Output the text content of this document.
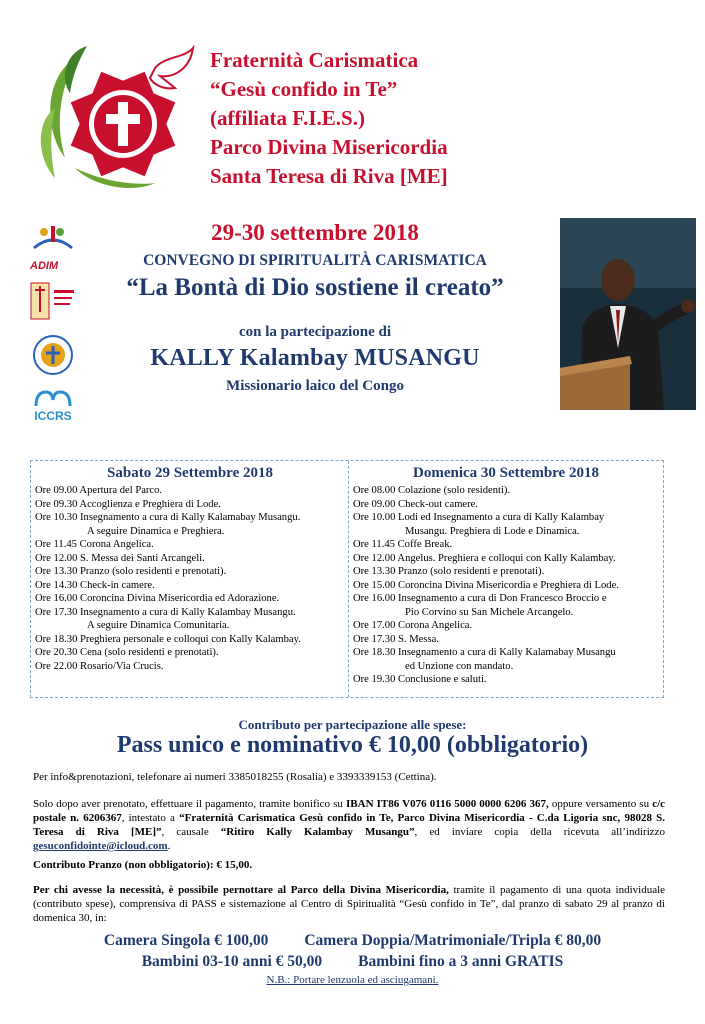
Fraternità Carismatica
“Gesù confido in Te”
(affiliata F.I.E.S.)
Parco Divina Misericordia
Santa Teresa di Riva [ME]
ADIM
ICCRS
29-30 settembre 2018
CONVEGNO DI SPIRITUALITÀ CARISMATICA
“La Bontà di Dio sostiene il creato”
con la partecipazione di
KALLY Kalambay MUSANGU
Missionario laico del Congo
Sabato 29 Settembre 2018
Ore 09.00 Apertura del Parco.
Ore 09.30 Accoglienza e Preghiera di Lode.
Ore 10.30 Insegnamento a cura di Kally Kalamabay Musangu.
A seguire Dinamica e Preghiera.
Ore 11.45 Corona Angelica.
Ore 12.00 S. Messa dei Santi Arcangeli.
Ore 13.30 Pranzo (solo residenti e prenotati).
Ore 14.30 Check-in camere.
Ore 16.00 Coroncina Divina Misericordia ed Adorazione.
Ore 17.30 Insegnamento a cura di Kally Kalambay Musangu.
A seguire Dinamica Comunitaria.
Ore 18.30 Preghiera personale e colloqui con Kally Kalambay.
Ore 20.30 Cena (solo residenti e prenotati).
Ore 22.00 Rosario/Via Crucis.
Domenica 30 Settembre 2018
Ore 08.00 Colazione (solo residenti).
Ore 09.00 Check-out camere.
Ore 10.00 Lodi ed Insegnamento a cura di Kally Kalambay
Musangu. Preghiera di Lode e Dinamica.
Ore 11.45 Coffe Break.
Ore 12.00 Angelus. Preghiera e colloqui con Kally Kalambay.
Ore 13.30 Pranzo (solo residenti e prenotati).
Ore 15.00 Coroncina Divina Misericordia e Preghiera di Lode.
Ore 16.00 Insegnamento a cura di Don Francesco Broccio e
Pio Corvino su San Michele Arcangelo.
Ore 17.00 Corona Angelica.
Ore 17.30 S. Messa.
Ore 18.30 Insegnamento a cura di Kally Kalamabay Musangu
ed Unzione con mandato.
Ore 19.30 Conclusione e saluti.
Contributo per partecipazione alle spese:
Pass unico e nominativo € 10,00 (obbligatorio)
Per info&prenotazioni, telefonare ai numeri 3385018255 (Rosalia) e 3393339153 (Cettina).
Solo dopo aver prenotato, effettuare il pagamento, tramite bonifico su IBAN IT86 V076 0116 5000 0000 6206 367, oppure versamento su c/c postale n. 6206367, intestato a “Fraternità Carismatica Gesù confido in Te, Parco Divina Misericordia - C.da Ligoria snc, 98028 S. Teresa di Riva [ME]”, causale “Ritiro Kally Kalambay Musangu”, ed inviare copia della ricevuta all’indirizzo gesuconfidointe@icloud.com.
Contributo Pranzo (non obbligatorio): € 15,00.
Per chi avesse la necessità, è possibile pernottare al Parco della Divina Misericordia, tramite il pagamento di una quota individuale (contributo spese), comprensiva di PASS e sistemazione al Centro di Spiritualità “Gesù confido in Te”, dal pranzo di sabato 29 al pranzo di domenica 30, in:
Camera Singola € 100,00 Camera Doppia/Matrimoniale/Tripla € 80,00
Bambini 03-10 anni € 50,00 Bambini fino a 3 anni GRATIS
N.B.: Portare lenzuola ed asciugamani.
